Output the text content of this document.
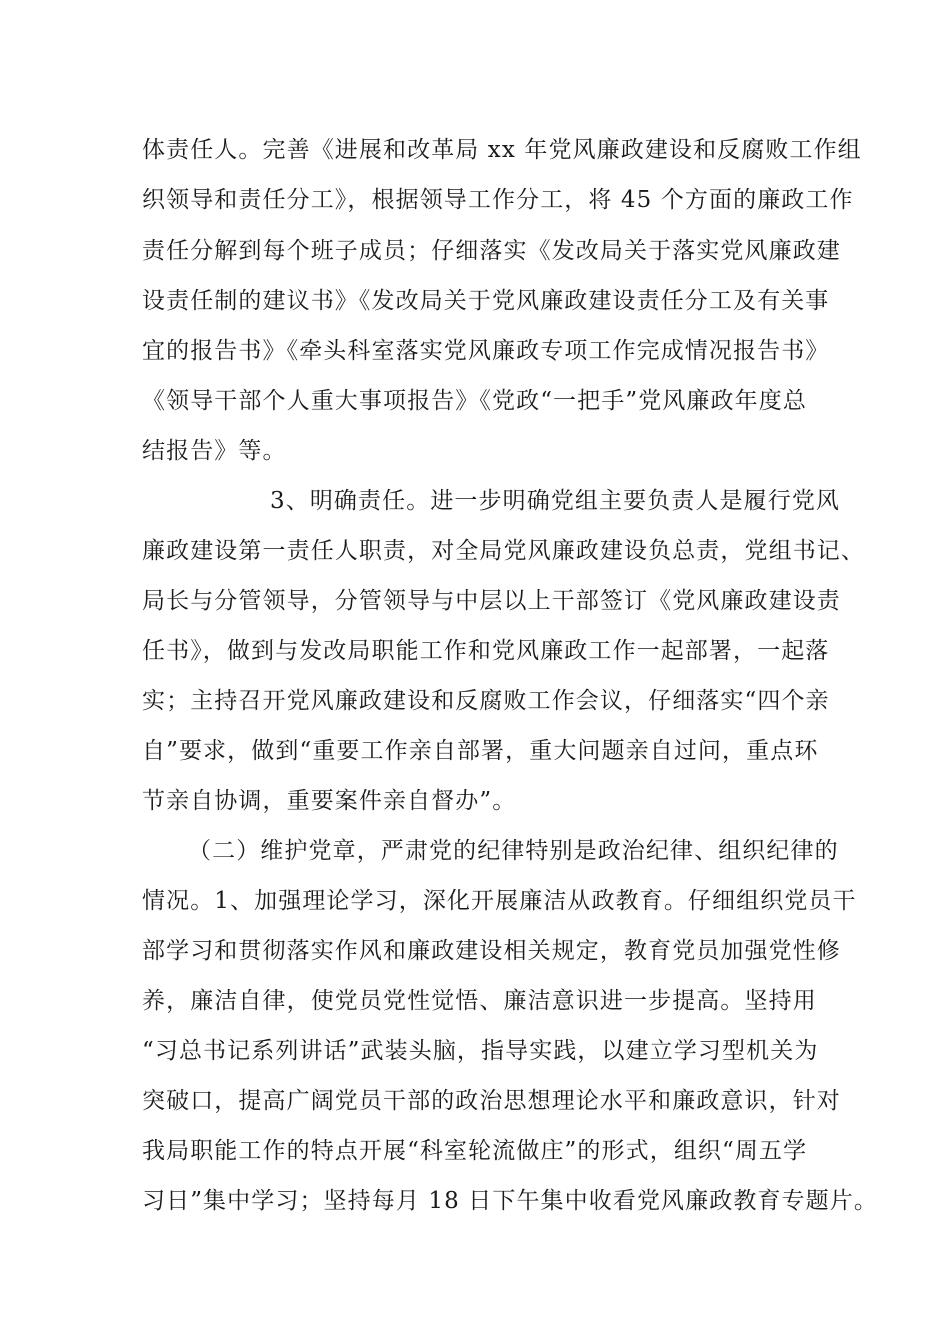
体责任人。完善《进展和改革局 xx 年党风廉政建设和反腐败工作组
织领导和责任分工》，根据领导工作分工，将 45 个方面的廉政工作
责任分解到每个班子成员；仔细落实《发改局关于落实党风廉政建
设责任制的建议书》《发改局关于党风廉政建设责任分工及有关事
宜的报告书》《牵头科室落实党风廉政专项工作完成情况报告书》
《领导干部个人重大事项报告》《党政“一把手”党风廉政年度总
结报告》等。
3、明确责任。进一步明确党组主要负责人是履行党风
廉政建设第一责任人职责，对全局党风廉政建设负总责，党组书记、
局长与分管领导，分管领导与中层以上干部签订《党风廉政建设责
任书》，做到与发改局职能工作和党风廉政工作一起部署，一起落
实；主持召开党风廉政建设和反腐败工作会议，仔细落实“四个亲
自”要求，做到“重要工作亲自部署，重大问题亲自过问，重点环
节亲自协调，重要案件亲自督办”。
（二）维护党章，严肃党的纪律特别是政治纪律、组织纪律的
情况。1、加强理论学习，深化开展廉洁从政教育。仔细组织党员干
部学习和贯彻落实作风和廉政建设相关规定，教育党员加强党性修
养，廉洁自律，使党员党性觉悟、廉洁意识进一步提高。坚持用
“习总书记系列讲话”武装头脑，指导实践，以建立学习型机关为
突破口，提高广阔党员干部的政治思想理论水平和廉政意识，针对
我局职能工作的特点开展“科室轮流做庄”的形式，组织“周五学
习日”集中学习；坚持每月 18 日下午集中收看党风廉政教育专题片。
